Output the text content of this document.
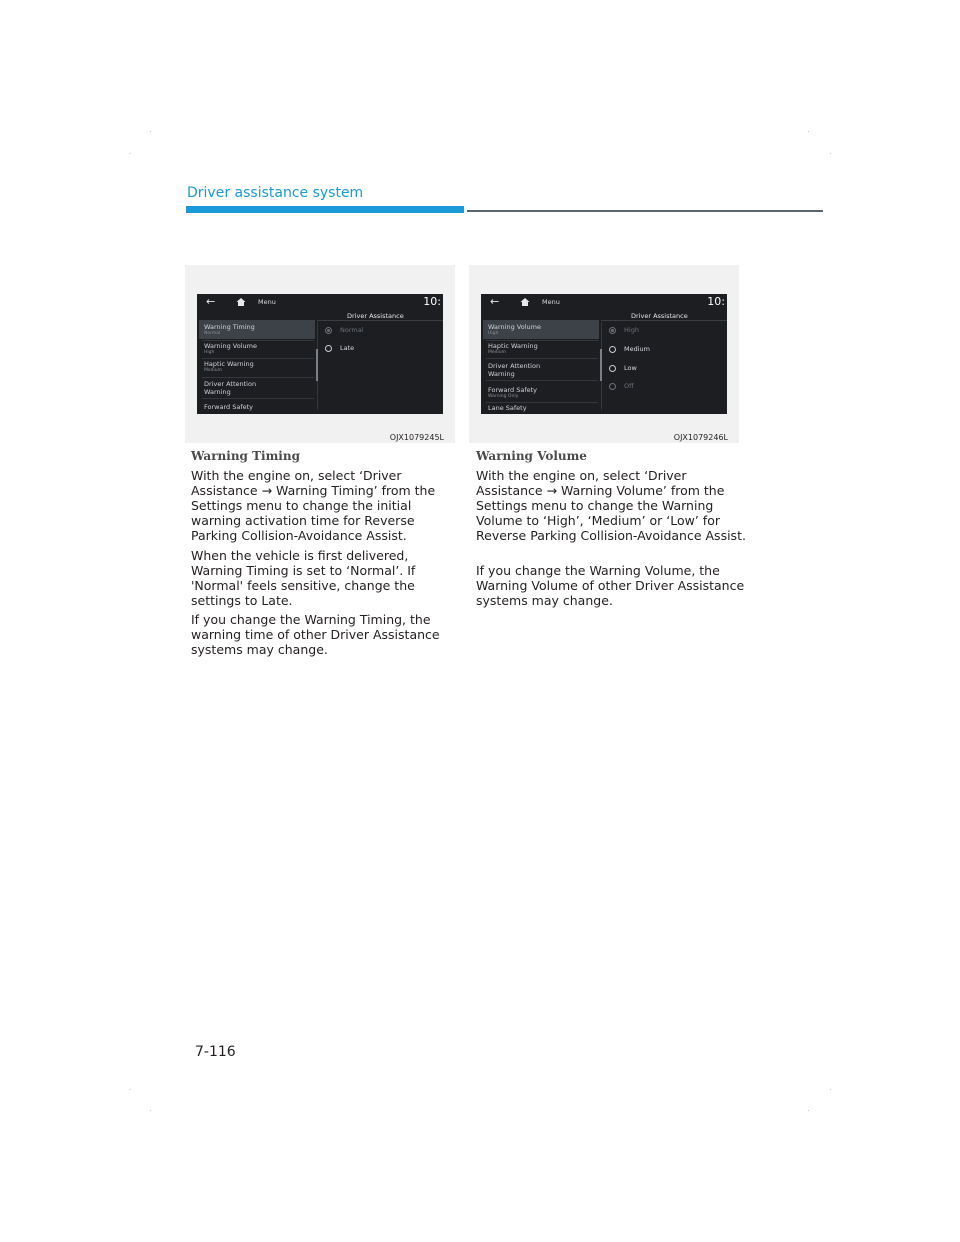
Driver assistance system
←	Menu	10:
Driver Assistance
Warning Timing
Normal
Warning Volume
High
Haptic Warning
Medium
Driver Attention
Warning
Forward Safety
Normal
Late
OJX1079245L
←	Menu	10:
Driver Assistance
Warning Volume
High
Haptic Warning
Medium
Driver Attention
Warning
Forward Safety
Warning Only
Lane Safety
High
Medium
Low
Off
OJX1079246L
Warning Timing
With the engine on, select ‘Driver Assistance → Warning Timing’ from the Settings menu to change the initial warning activation time for Reverse Parking Collision-Avoidance Assist.
When the vehicle is first delivered, Warning Timing is set to ‘Normal’. If 'Normal' feels sensitive, change the settings to Late.
If you change the Warning Timing, the warning time of other Driver Assistance systems may change.
Warning Volume
With the engine on, select ‘Driver Assistance → Warning Volume’ from the Settings menu to change the Warning Volume to ‘High’, ‘Medium’ or ‘Low’ for Reverse Parking Collision-Avoidance Assist.
If you change the Warning Volume, the Warning Volume of other Driver Assistance systems may change.
7-116
